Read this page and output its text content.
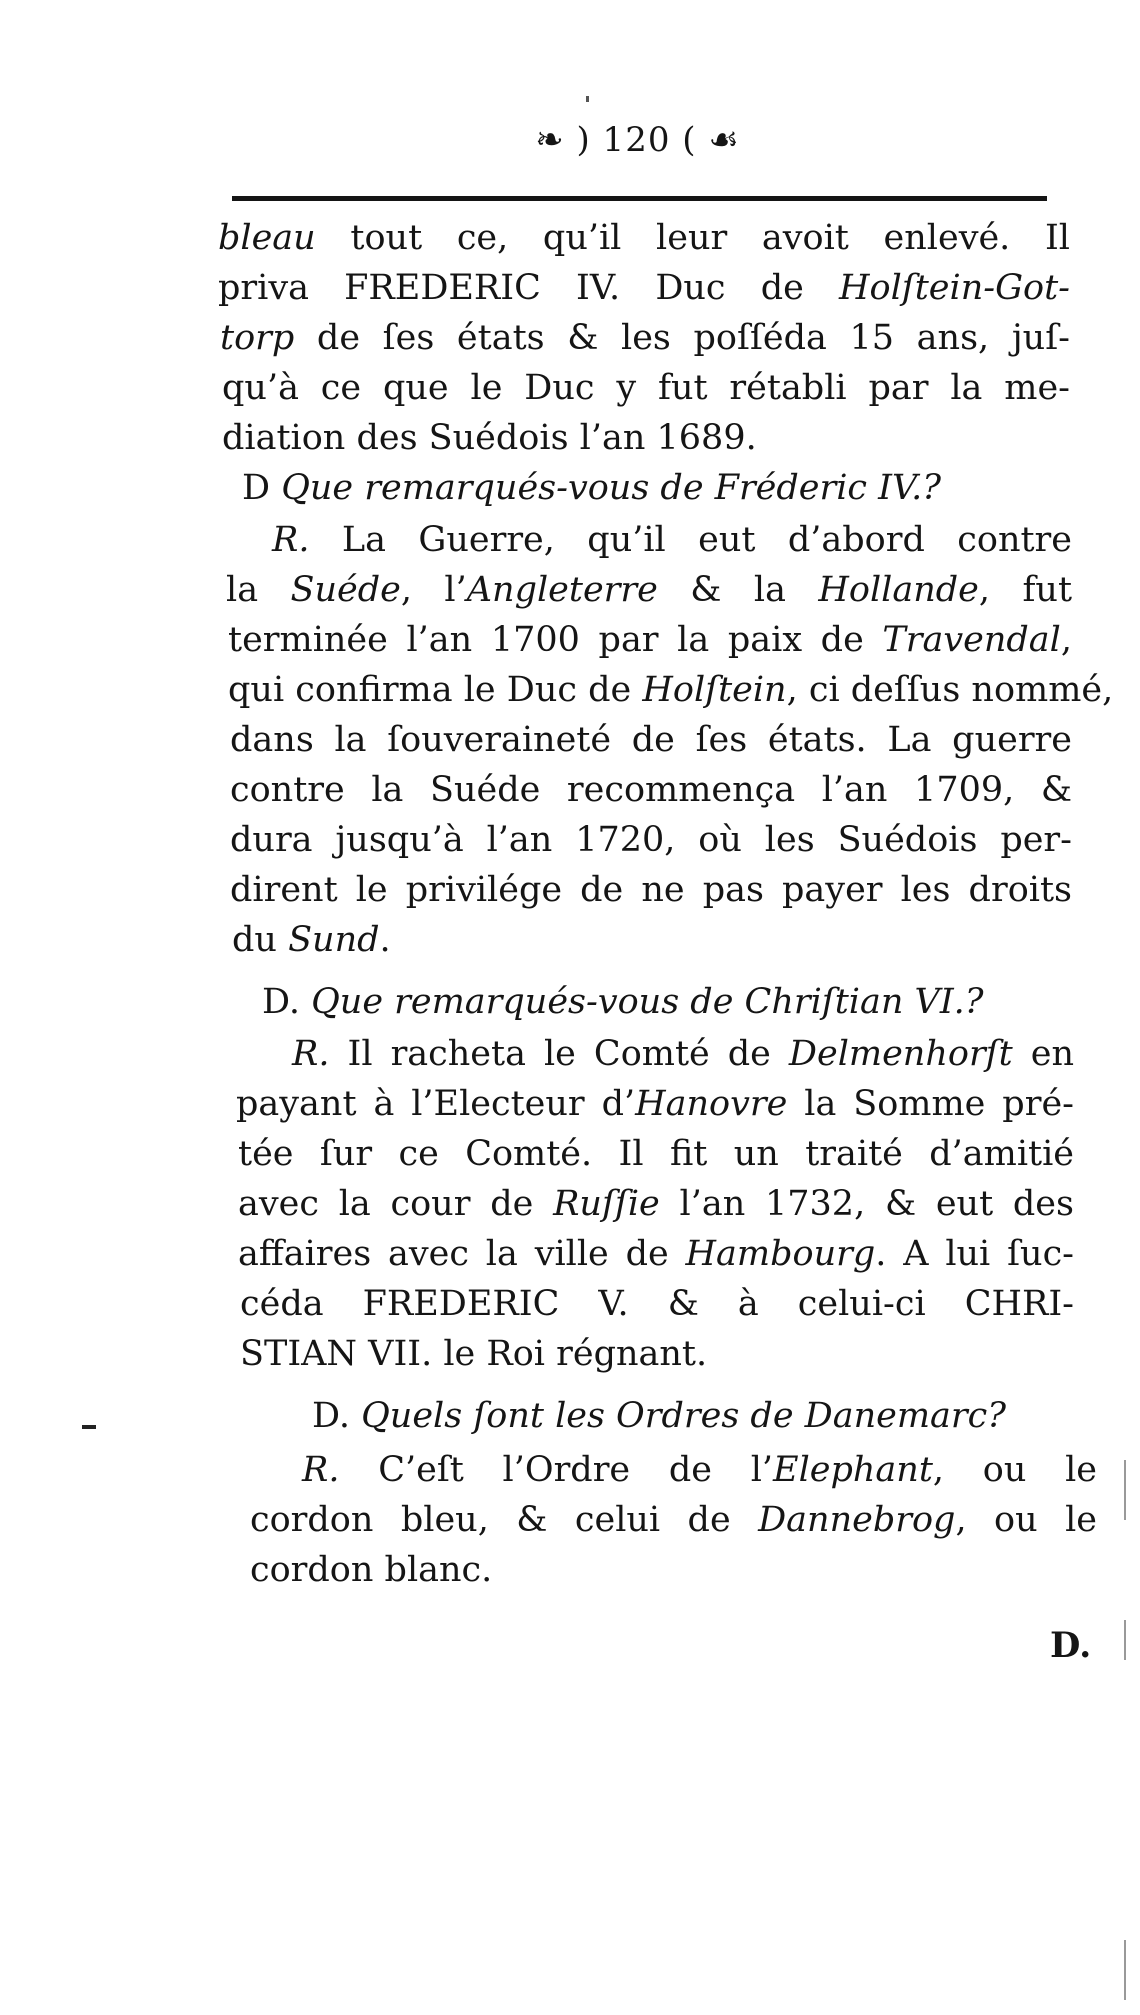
❧ ) 120 ( ☙
bleau tout ce, qu’il leur avoit enlevé. Il
priva FREDERIC IV. Duc de Holſtein-Got-
torp de ſes états & les poſſéda 15 ans, juſ-
qu’à ce que le Duc y fut rétabli par la me-
diation des Suédois l’an 1689.
D Que remarqués-vous de Fréderic IV.?
R. La Guerre, qu’il eut d’abord contre
la Suéde, l’Angleterre & la Hollande, fut
terminée l’an 1700 par la paix de Travendal,
qui confirma le Duc de Holſtein, ci deſſus nommé,
dans la ſouveraineté de ſes états. La guerre
contre la Suéde recommença l’an 1709, &
dura jusqu’à l’an 1720, où les Suédois per-
dirent le privilége de ne pas payer les droits
du Sund.
D. Que remarqués-vous de Chriſtian VI.?
R. Il racheta le Comté de Delmenhorſt en
payant à l’Electeur d’Hanovre la Somme pré-
tée ſur ce Comté. Il fit un traité d’amitié
avec la cour de Ruſſie l’an 1732, & eut des
affaires avec la ville de Hambourg. A lui ſuc-
céda FREDERIC V. & à celui-ci CHRI-
STIAN VII. le Roi régnant.
D. Quels ſont les Ordres de Danemarc?
R. C’eſt l’Ordre de l’Elephant, ou le
cordon bleu, & celui de Dannebrog, ou le
cordon blanc.
D.
